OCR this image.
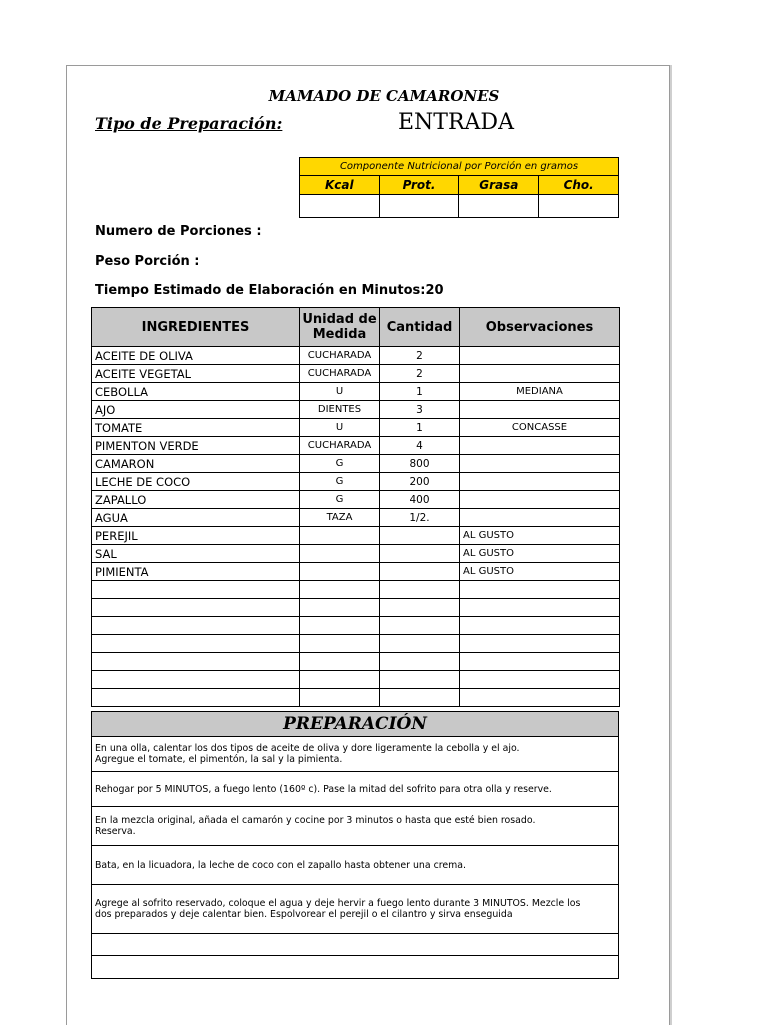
MAMADO DE CAMARONES
Tipo de Preparación:	ENTRADA
Componente Nutricional por Porción en gramos			
Kcal	Prot.	Grasa	Cho.

Numero de Porciones :
Peso Porción :
Tiempo Estimado de Elaboración en Minutos:20
INGREDIENTES	Unidad de Medida	Cantidad	Observaciones
ACEITE DE OLIVA	CUCHARADA	2	
ACEITE VEGETAL	CUCHARADA	2	
CEBOLLA	U	1	MEDIANA
AJO	DIENTES	3	
TOMATE	U	1	CONCASSE
PIMENTON VERDE	CUCHARADA	4	
CAMARON	G	800	
LECHE DE COCO	G	200	
ZAPALLO	G	400	
AGUA	TAZA	1/2.	
PEREJIL			AL GUSTO
SAL			AL GUSTO
PIMIENTA			AL GUSTO

PREPARACIÓN

En una olla, calentar los dos tipos de aceite de oliva y dore ligeramente la cebolla y el ajo.
Agregue el tomate, el pimentón, la sal y la pimienta.

Rehogar por 5 MINUTOS, a fuego lento (160º c). Pase la mitad del sofrito para otra olla y reserve.

En la mezcla original, añada el camarón y cocine por 3 minutos o hasta que esté bien rosado.
Reserva.

Bata, en la licuadora, la leche de coco con el zapallo hasta obtener una crema.

Agrege al sofrito reservado, coloque el agua y deje hervir a fuego lento durante 3 MINUTOS. Mezcle los
dos preparados y deje calentar bien. Espolvorear el perejil o el cilantro y sirva enseguida
